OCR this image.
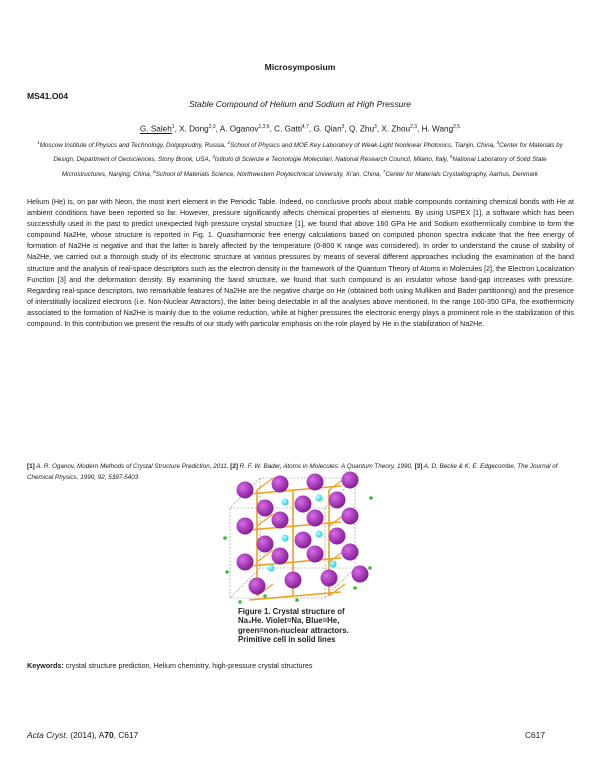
Microsymposium
MS41.O04
Stable Compound of Helium and Sodium at High Pressure
G. Saleh$^1$, X. Dong$^{2,3}$, A. Oganov$^{1,3,6}$, C. Gatti$^{4,7}$, G. Qian$^3$, Q. Zhu$^3$, X. Zhou$^{2,3}$, H. Wang$^{2,5}$
$^1$Moscow Institute of Physics and Technology, Dolgoprudny, Russia, $^2$School of Physics and MOE Key Laboratory of Weak-Light Nonlinear Photonics, Tianjin, China, $^3$Center for Materials by Design, Department of Geosciences, Stony Brook, USA, $^4$Istituto di Scienze e Tecnologie Molecolari, National Research Council, Milano, Italy, $^5$National Laboratory of Solid State Microstructures, Nanjing, China, $^6$School of Materials Science, Northwestern Polytechnical University, Xi'an, China, $^7$Center for Materials Crystallography, Aarhus, Denmark
Helium (He) is, on par with Neon, the most inert element in the Periodic Table. Indeed, no conclusive proofs about stable compounds containing chemical bonds with He at ambient conditions have been reported so far. However, pressure significantly affects chemical properties of elements. By using USPEX [1], a software which has been successfully used in the past to predict unexpected high pressure crystal structure [1], we found that above 160 GPa He and Sodium exothermically combine to form the compound Na2He, whose structure is reported in Fig. 1. Quasiharmonic free energy calculations based on computed phonon spectra indicate that the free energy of formation of Na2He is negative and that the latter is barely affected by the temperature (0-800 K range was considered). In order to understand the cause of stability of Na2He, we carried out a thorough study of its electronic structure at various pressures by means of several different approaches including the examination of the band structure and the analysis of real-space descriptors such as the electron density in the framework of the Quantum Theory of Atoms in Molecules [2], the Electron Localization Function [3] and the deformation density. By examining the band structure, we found that such compound is an insulator whose band-gap increases with pressure. Regarding real-space descriptors, two remarkable features of Na2He are the negative charge on He (obtained both using Mulliken and Bader partitioning) and the presence of interstitially localized electrons (i.e. Non-Nuclear Attractors), the latter being detectable in all the analyses above mentioned. In the range 160-350 GPa, the exothermicity associated to the formation of Na2He is mainly due to the volume reduction, while at higher pressures the electronic energy plays a prominent role in the stabilization of this compound. In this contribution we present the results of our study with particular emphasis on the role played by He in the stabilization of Na2He.
[1] A. R. Oganov, Modern Methods of Crystal Structure Prediction, 2011, [2] R. F. W. Bader, Atoms in Molecules: A Quantum Theory, 1990, [3] A. D. Becke & K. E. Edgecombe, The Journal of Chemical Physics, 1990, 92, 5397-5403
Figure 1. Crystal structure of
Na₂He. Violet=Na, Blue=He,
green=non-nuclear attractors.
Primitive cell in solid lines
Keywords: crystal structure prediction, Helium chemistry, high-pressure crystal structures
Acta Cryst. (2014), A70, C617	C617
